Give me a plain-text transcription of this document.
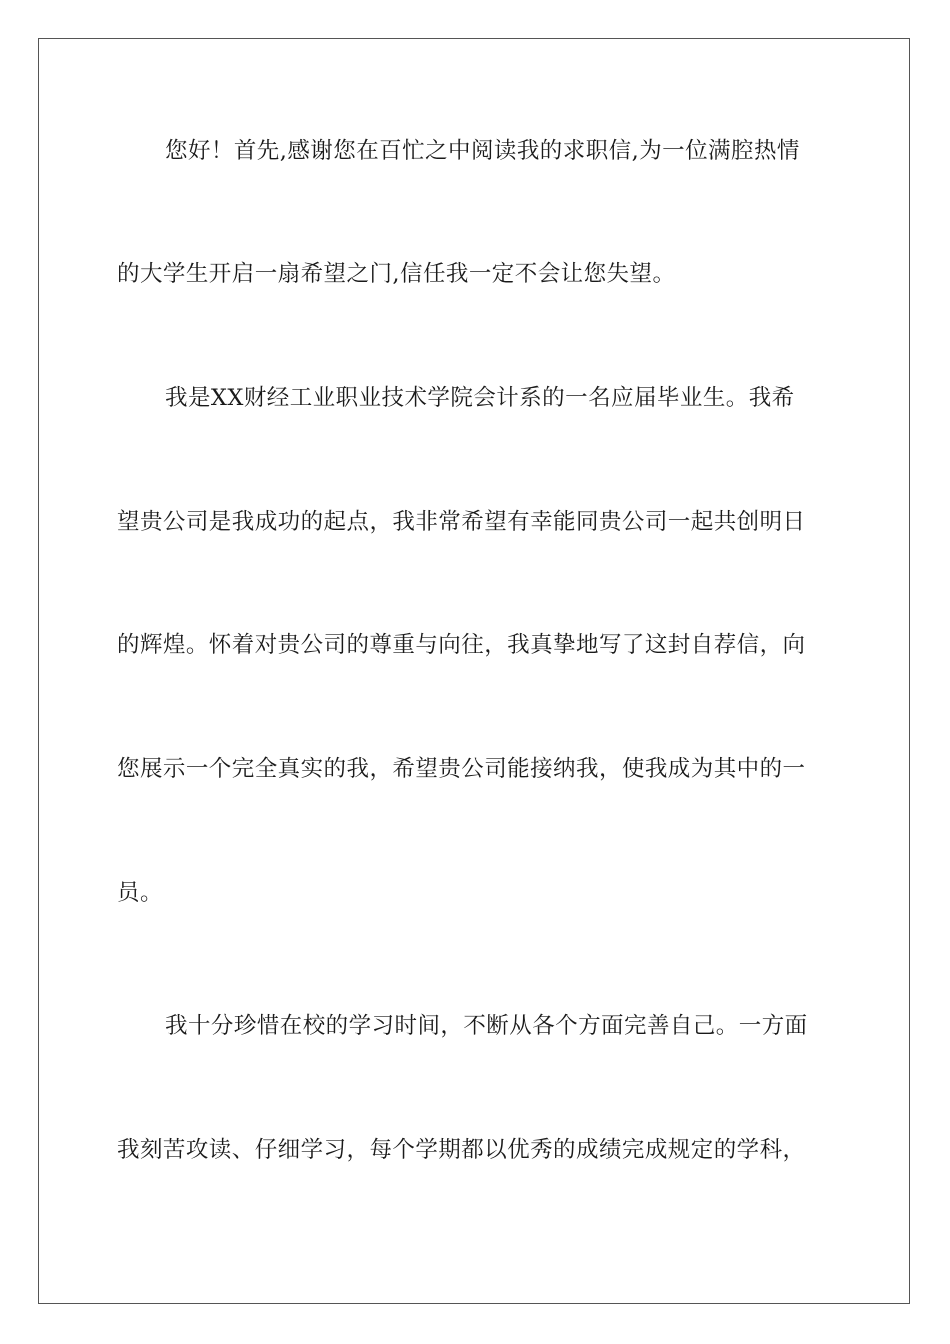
您好！首先,感谢您在百忙之中阅读我的求职信,为一位满腔热情
的大学生开启一扇希望之门,信任我一定不会让您失望。
我是XX财经工业职业技术学院会计系的一名应届毕业生。我希
望贵公司是我成功的起点，我非常希望有幸能同贵公司一起共创明日
的辉煌。怀着对贵公司的尊重与向往，我真挚地写了这封自荐信，向
您展示一个完全真实的我，希望贵公司能接纳我，使我成为其中的一
员。
我十分珍惜在校的学习时间，不断从各个方面完善自己。一方面
我刻苦攻读、仔细学习，每个学期都以优秀的成绩完成规定的学科，
